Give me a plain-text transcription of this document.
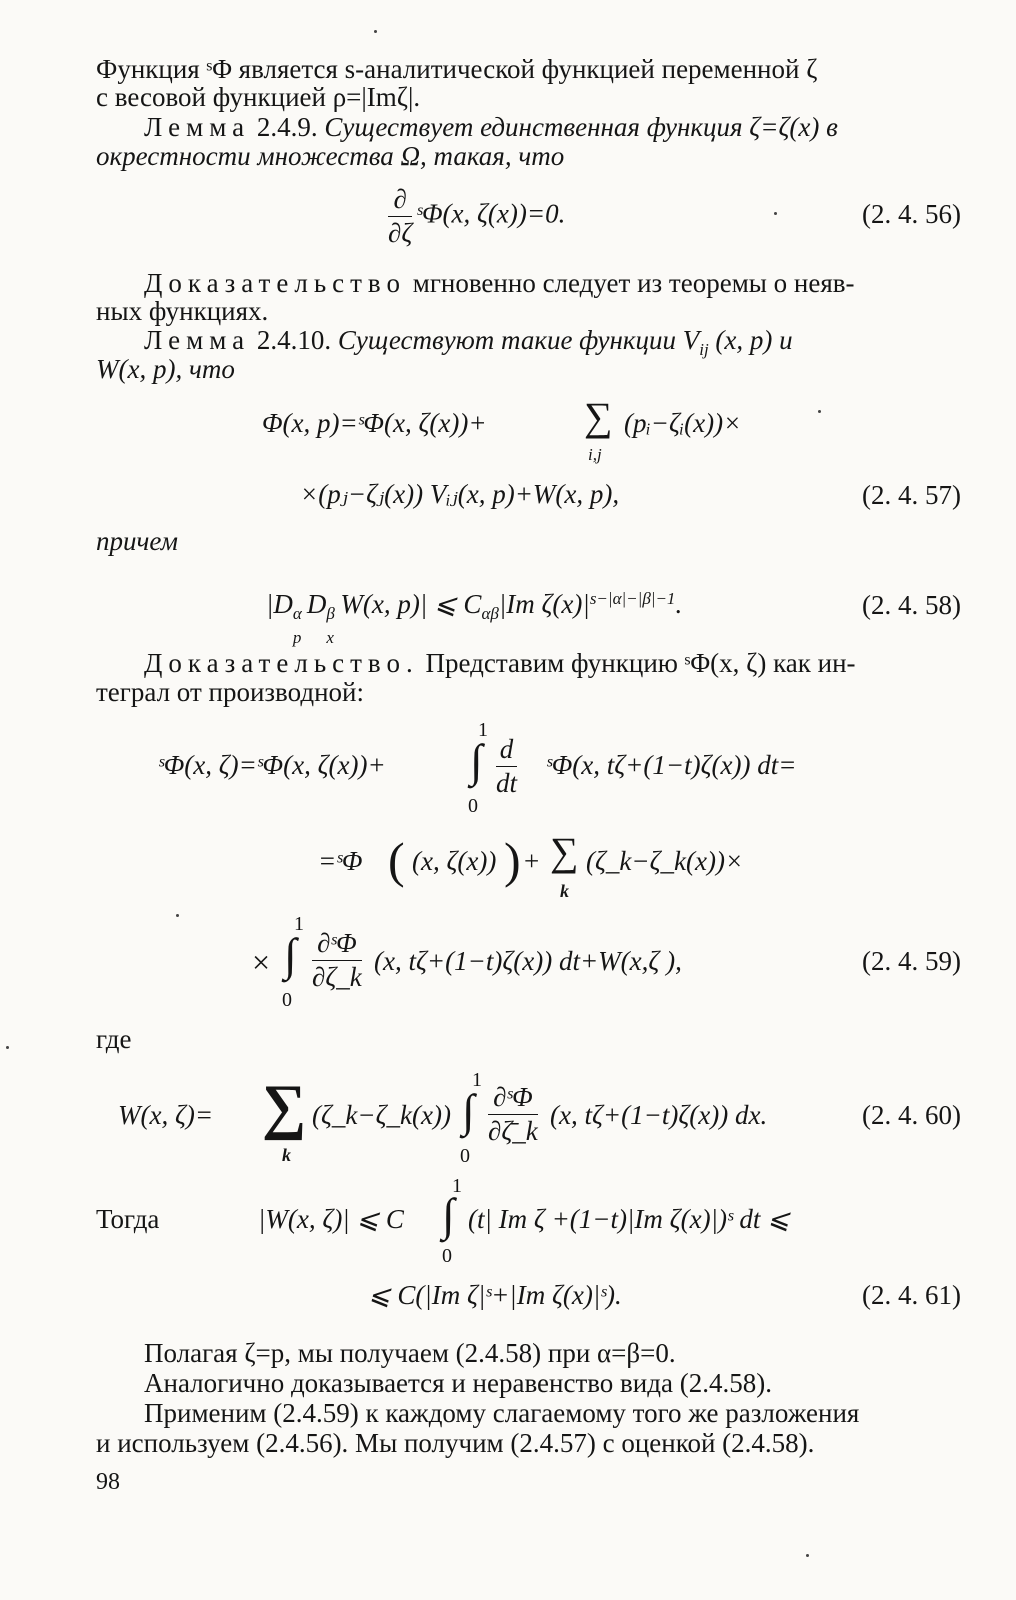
Функция ˢΦ является s-аналитической функцией переменной ζ
с весовой функцией ρ=|Imζ|.
Лемма 2.4.9. Существует единственная функция ζ=ζ(x) в
окрестности множества Ω, такая, что
$\frac{\partial}{\partial\zeta}$ ˢΦ(x, ζ(x))=0.	(2. 4. 56)
Доказательство мгновенно следует из теоремы о неяв-
ных функциях.
Лемма 2.4.10. Существуют такие функции $V_{ij}$ (x, p) и
W(x, p), что
Φ(x, p)=ˢΦ(x, ζ(x))+ ∑
i,j
(pᵢ−ζᵢ(x))×
×(pⱼ−ζⱼ(x)) Vᵢⱼ(x, p)+W(x, p),	(2. 4. 57)
причем
|D α
p
D β
x
W(x, p)| ⩽ $C_{\alpha\beta}|Im$ $\zeta(x)|^{s-|\alpha|-|\beta|-1}$.	(2. 4. 58)
Доказательство. Представим функцию ˢΦ(x, ζ) как ин-
теграл от производной:
ˢΦ(x, ζ)=ˢΦ(x, ζ(x))+
1
∫
0
$\frac{d}{dt}$ ˢΦ(x, tζ+(1−t)ζ(x)) dt=
=ˢΦ ( (x, ζ(x)) ) + ∑
k
(ζ_k−ζ_k(x))×
×
1
∫
0
$\frac{\text{∂ˢΦ}}{\partial\zeta\_k} (x$, tζ+(1−t)ζ(x)) dt+W(x,ζ ),	(2. 4. 59)
где
W(x, ζ)= ∑
k
(ζ_k−ζ_k(x))
1
∫
0
$\frac{\text{∂ˢΦ}}{\partial\zetā\_k} (x$, tζ+(1−t)ζ(x)) dx.	(2. 4. 60)
Тогда	|W(x, ζ)| ⩽ C
1
∫
0
(t| Im ζ +(1−t)|Im ζ(x)|)ˢ dt ⩽
⩽ C(|Im ζ|ˢ+|Im ζ(x)|ˢ).	(2. 4. 61)
Полагая ζ=p, мы получаем (2.4.58) при α=β=0.
Аналогично доказывается и неравенство вида (2.4.58).
Применим (2.4.59) к каждому слагаемому того же разложения
и используем (2.4.56). Мы получим (2.4.57) с оценкой (2.4.58).
98
